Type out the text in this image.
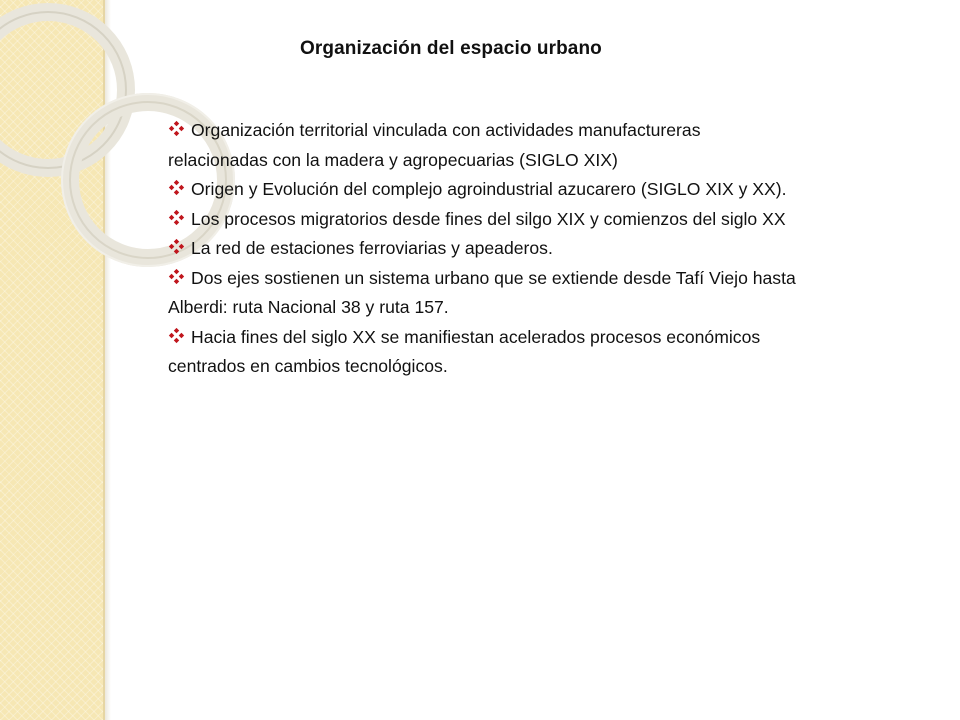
Organización del espacio urbano
Organización territorial vinculada con actividades manufactureras relacionadas con la madera y agropecuarias (SIGLO XIX)
Origen y Evolución del complejo agroindustrial azucarero (SIGLO XIX y XX).
Los procesos migratorios desde fines del silgo XIX y comienzos del siglo XX
La red de estaciones ferroviarias y apeaderos.
Dos ejes sostienen un sistema urbano que se extiende desde Tafí Viejo hasta Alberdi: ruta Nacional 38 y ruta 157.
Hacia fines del siglo XX se manifiestan acelerados procesos económicos centrados en cambios tecnológicos.
